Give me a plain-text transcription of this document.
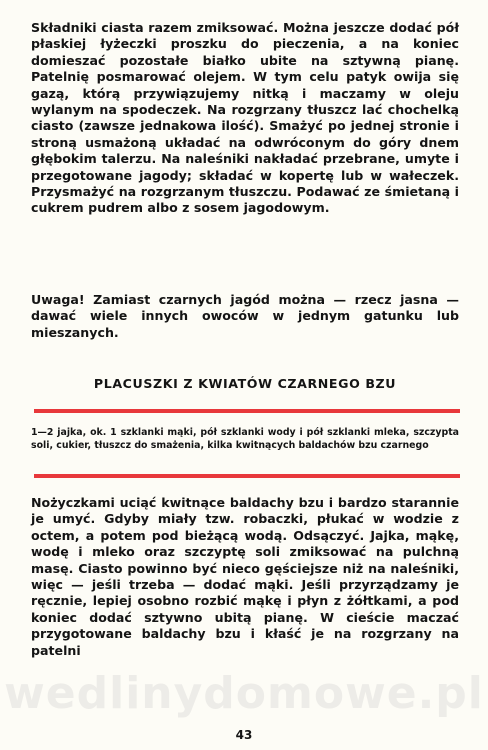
Składniki ciasta razem zmiksować. Można jeszcze dodać pół płaskiej łyżeczki proszku do pieczenia, a na koniec domieszać pozostałe białko ubite na sztywną pianę. Patelnię posmarować olejem. W tym celu patyk owija się gazą, którą przywiązujemy nitką i maczamy w oleju wylanym na spodeczek. Na rozgrzany tłuszcz lać chochelką ciasto (zawsze jednakowa ilość). Smażyć po jednej stronie i stroną usmażoną układać na odwróconym do góry dnem głębokim talerzu. Na naleśniki nakładać przebrane, umyte i przegotowane jagody; składać w kopertę lub w wałeczek. Przysmażyć na rozgrzanym tłuszczu. Podawać ze śmietaną i cukrem pudrem albo z sosem jagodowym.

Uwaga! Zamiast czarnych jagód można — rzecz jasna — dawać wiele innych owoców w jednym gatunku lub mieszanych.

PLACUSZKI Z KWIATÓW CZARNEGO BZU

1—2 jajka, ok. 1 szklanki mąki, pół szklanki wody i pół szklanki mleka, szczypta soli, cukier, tłuszcz do smażenia, kilka kwitnących baldachów bzu czarnego

Nożyczkami uciąć kwitnące baldachy bzu i bardzo starannie je umyć. Gdyby miały tzw. robaczki, płukać w wodzie z octem, a potem pod bieżącą wodą. Odsączyć. Jajka, mąkę, wodę i mleko oraz szczyptę soli zmiksować na pulchną masę. Ciasto powinno być nieco gęściejsze niż na naleśniki, więc — jeśli trzeba — dodać mąki. Jeśli przyrządzamy je ręcznie, lepiej osobno rozbić mąkę i płyn z żółtkami, a pod koniec dodać sztywno ubitą pianę. W cieście maczać przygotowane baldachy bzu i kłaść je na rozgrzany na patelni

wedlinydomowe.pl

43
